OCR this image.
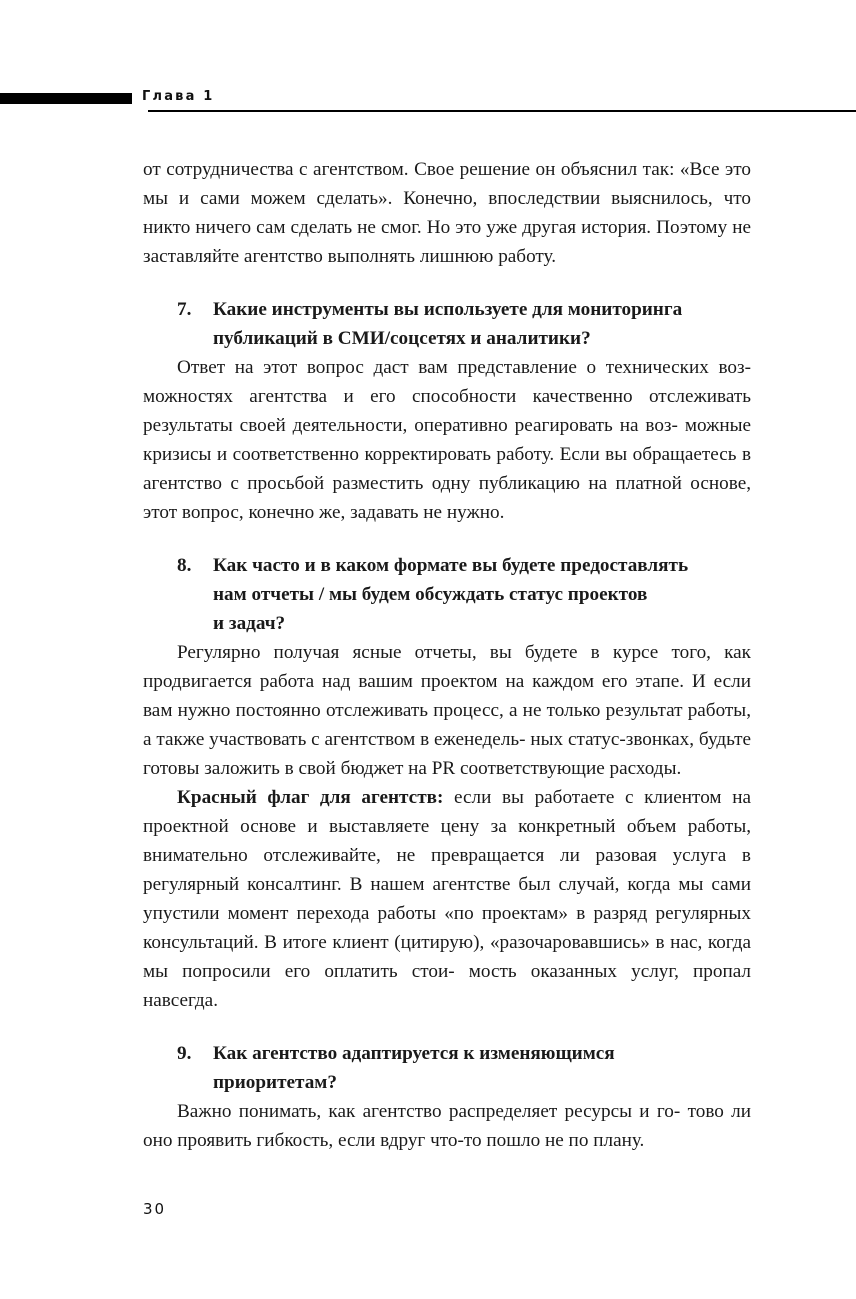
Глава 1

от сотрудничества с агентством. Свое решение он объяснил так: «Все это мы и сами можем сделать». Конечно, впоследствии выяснилось, что никто ничего сам сделать не смог. Но это уже другая история. Поэтому не заставляйте агентство выполнять лишнюю работу.

7.	Какие инструменты вы используете для мониторинга
публикаций в СМИ/соцсетях и аналитики?

Ответ на этот вопрос даст вам представление о технических воз- можностях агентства и его способности качественно отслеживать результаты своей деятельности, оперативно реагировать на воз- можные кризисы и соответственно корректировать работу. Если вы обращаетесь в агентство с просьбой разместить одну публикацию на платной основе, этот вопрос, конечно же, задавать не нужно.

8.	Как часто и в каком формате вы будете предоставлять
нам отчеты / мы будем обсуждать статус проектов
и задач?

Регулярно получая ясные отчеты, вы будете в курсе того, как продвигается работа над вашим проектом на каждом его этапе. И если вам нужно постоянно отслеживать процесс, а не только результат работы, а также участвовать с агентством в еженедель- ных статус-звонках, будьте готовы заложить в свой бюджет на PR соответствующие расходы.

Красный флаг для агентств: если вы работаете с клиентом на проектной основе и выставляете цену за конкретный объем работы, внимательно отслеживайте, не превращается ли разовая услуга в регулярный консалтинг. В нашем агентстве был случай, когда мы сами упустили момент перехода работы «по проектам» в разряд регулярных консультаций. В итоге клиент (цитирую), «разочаровавшись» в нас, когда мы попросили его оплатить стои- мость оказанных услуг, пропал навсегда.

9.	Как агентство адаптируется к изменяющимся
приоритетам?

Важно понимать, как агентство распределяет ресурсы и го- тово ли оно проявить гибкость, если вдруг что-то пошло не по плану.

30
